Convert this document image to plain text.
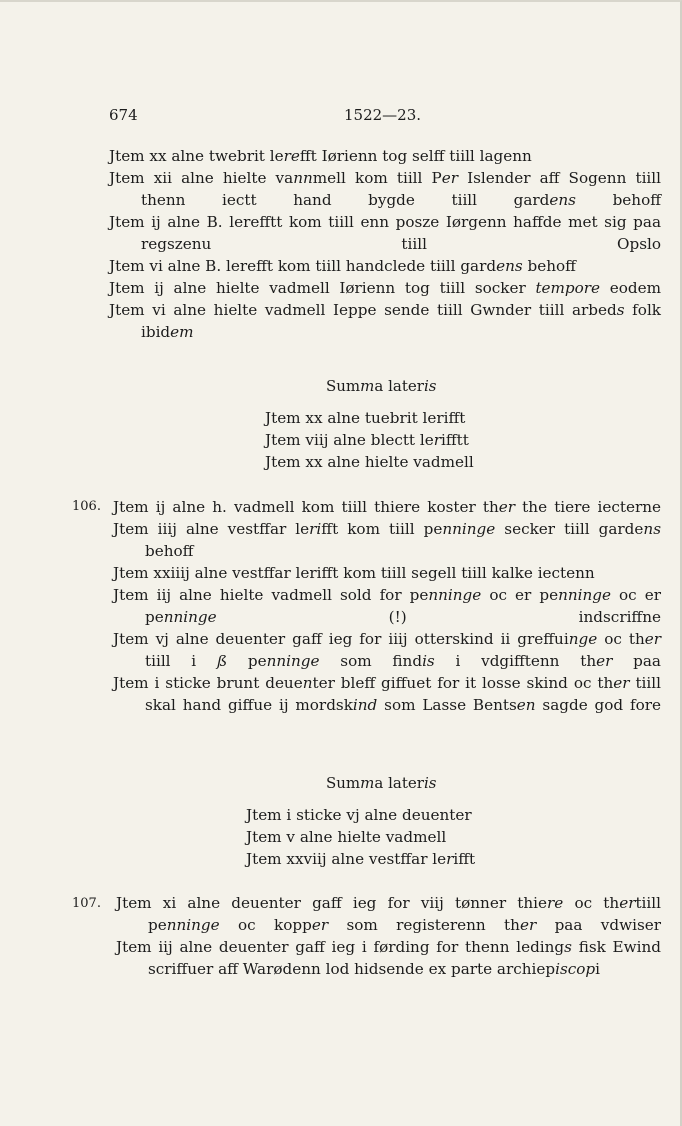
674	1522—23.
Jtem xx alne twebrit lerefft Iørienn tog selff tiill lagenn
Jtem xii alne hielte vannmell kom tiill Per Islender aff Sogenn tiill thenn iectt hand bygde tiill gardens behoff
Jtem ij alne B. lerefftt kom tiill enn posze Iørgenn haffde met sig paa regszenu tiill Opslo
Jtem vi alne B. lerefft kom tiill handclede tiill gardens behoff
Jtem ij alne hielte vadmell Iørienn tog tiill socker tempore eodem
Jtem vi alne hielte vadmell Ieppe sende tiill Gwnder tiill arbeds folk ibidem
Summa lateris
Jtem xx alne tuebrit lerifft
Jtem viij alne blectt lerifftt
Jtem xx alne hielte vadmell
106. Jtem ij alne h. vadmell kom tiill thiere koster ther the tiere iecterne
Jtem iiij alne vestffar lerifft kom tiill penninge secker tiill gardens behoff
Jtem xxiiij alne vestffar lerifft kom tiill segell tiill kalke iectenn
Jtem iij alne hielte vadmell sold for penninge oc er penninge oc er penninge (!) indscriffne
Jtem vj alne deuenter gaff ieg for iiij otterskind ii greffuinge oc ther tiill i ß penninge som findis i vdgifftenn ther paa
Jtem i sticke brunt deuenter bleff giffuet for it losse skind oc ther tiill skal hand giffue ij mordskind som Lasse Bentsen sagde god fore
Summa lateris
Jtem i sticke vj alne deuenter
Jtem v alne hielte vadmell
Jtem xxviij alne vestffar lerifft
107. Jtem xi alne deuenter gaff ieg for viij tønner thiere oc thertiill penninge oc kopper som registerenn ther paa vdwiser
Jtem iij alne deuenter gaff ieg i førding for thenn ledings fisk Ewind scriffuer aff Warødenn lod hidsende ex parte archiepiscopi
